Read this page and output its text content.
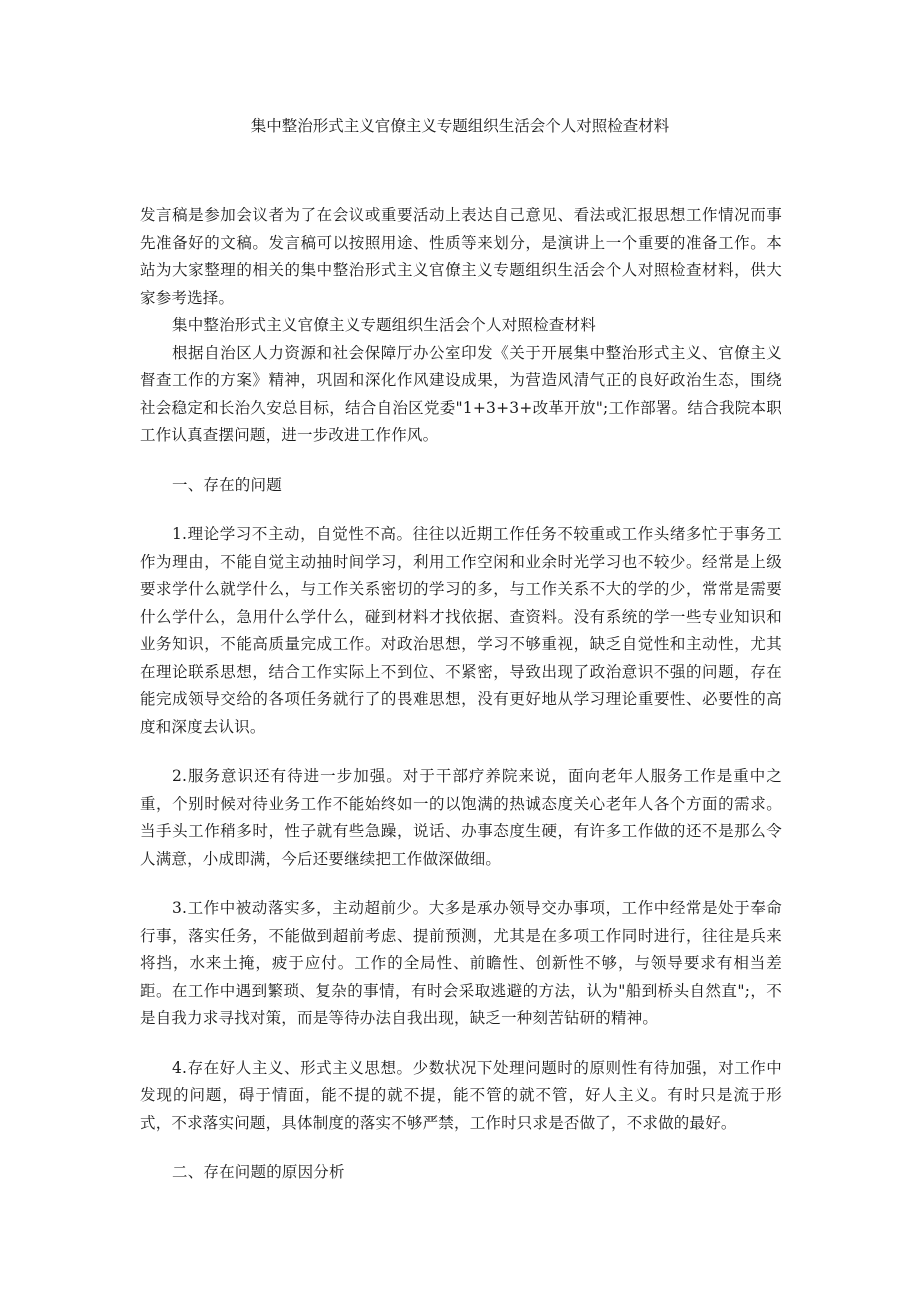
集中整治形式主义官僚主义专题组织生活会个人对照检查材料

发言稿是参加会议者为了在会议或重要活动上表达自己意见、看法或汇报思想工作情况而事先准备好的文稿。发言稿可以按照用途、性质等来划分，是演讲上一个重要的准备工作。本站为大家整理的相关的集中整治形式主义官僚主义专题组织生活会个人对照检查材料，供大家参考选择。

集中整治形式主义官僚主义专题组织生活会个人对照检查材料

根据自治区人力资源和社会保障厅办公室印发《关于开展集中整治形式主义、官僚主义督查工作的方案》精神，巩固和深化作风建设成果，为营造风清气正的良好政治生态，围绕社会稳定和长治久安总目标，结合自治区党委"1+3+3+改革开放";工作部署。结合我院本职工作认真查摆问题，进一步改进工作作风。

一、存在的问题

1.理论学习不主动，自觉性不高。往往以近期工作任务不较重或工作头绪多忙于事务工作为理由，不能自觉主动抽时间学习，利用工作空闲和业余时光学习也不较少。经常是上级要求学什么就学什么，与工作关系密切的学习的多，与工作关系不大的学的少，常常是需要什么学什么，急用什么学什么，碰到材料才找依据、查资料。没有系统的学一些专业知识和业务知识，不能高质量完成工作。对政治思想，学习不够重视，缺乏自觉性和主动性，尤其在理论联系思想，结合工作实际上不到位、不紧密，导致出现了政治意识不强的问题，存在能完成领导交给的各项任务就行了的畏难思想，没有更好地从学习理论重要性、必要性的高度和深度去认识。

2.服务意识还有待进一步加强。对于干部疗养院来说，面向老年人服务工作是重中之重，个别时候对待业务工作不能始终如一的以饱满的热诚态度关心老年人各个方面的需求。当手头工作稍多时，性子就有些急躁，说话、办事态度生硬，有许多工作做的还不是那么令人满意，小成即满，今后还要继续把工作做深做细。

3.工作中被动落实多，主动超前少。大多是承办领导交办事项，工作中经常是处于奉命行事，落实任务，不能做到超前考虑、提前预测，尤其是在多项工作同时进行，往往是兵来将挡，水来土掩，疲于应付。工作的全局性、前瞻性、创新性不够，与领导要求有相当差距。在工作中遇到繁琐、复杂的事情，有时会采取逃避的方法，认为"船到桥头自然直";，不是自我力求寻找对策，而是等待办法自我出现，缺乏一种刻苦钻研的精神。

4.存在好人主义、形式主义思想。少数状况下处理问题时的原则性有待加强，对工作中发现的问题，碍于情面，能不提的就不提，能不管的就不管，好人主义。有时只是流于形式，不求落实问题，具体制度的落实不够严禁，工作时只求是否做了，不求做的最好。

二、存在问题的原因分析
